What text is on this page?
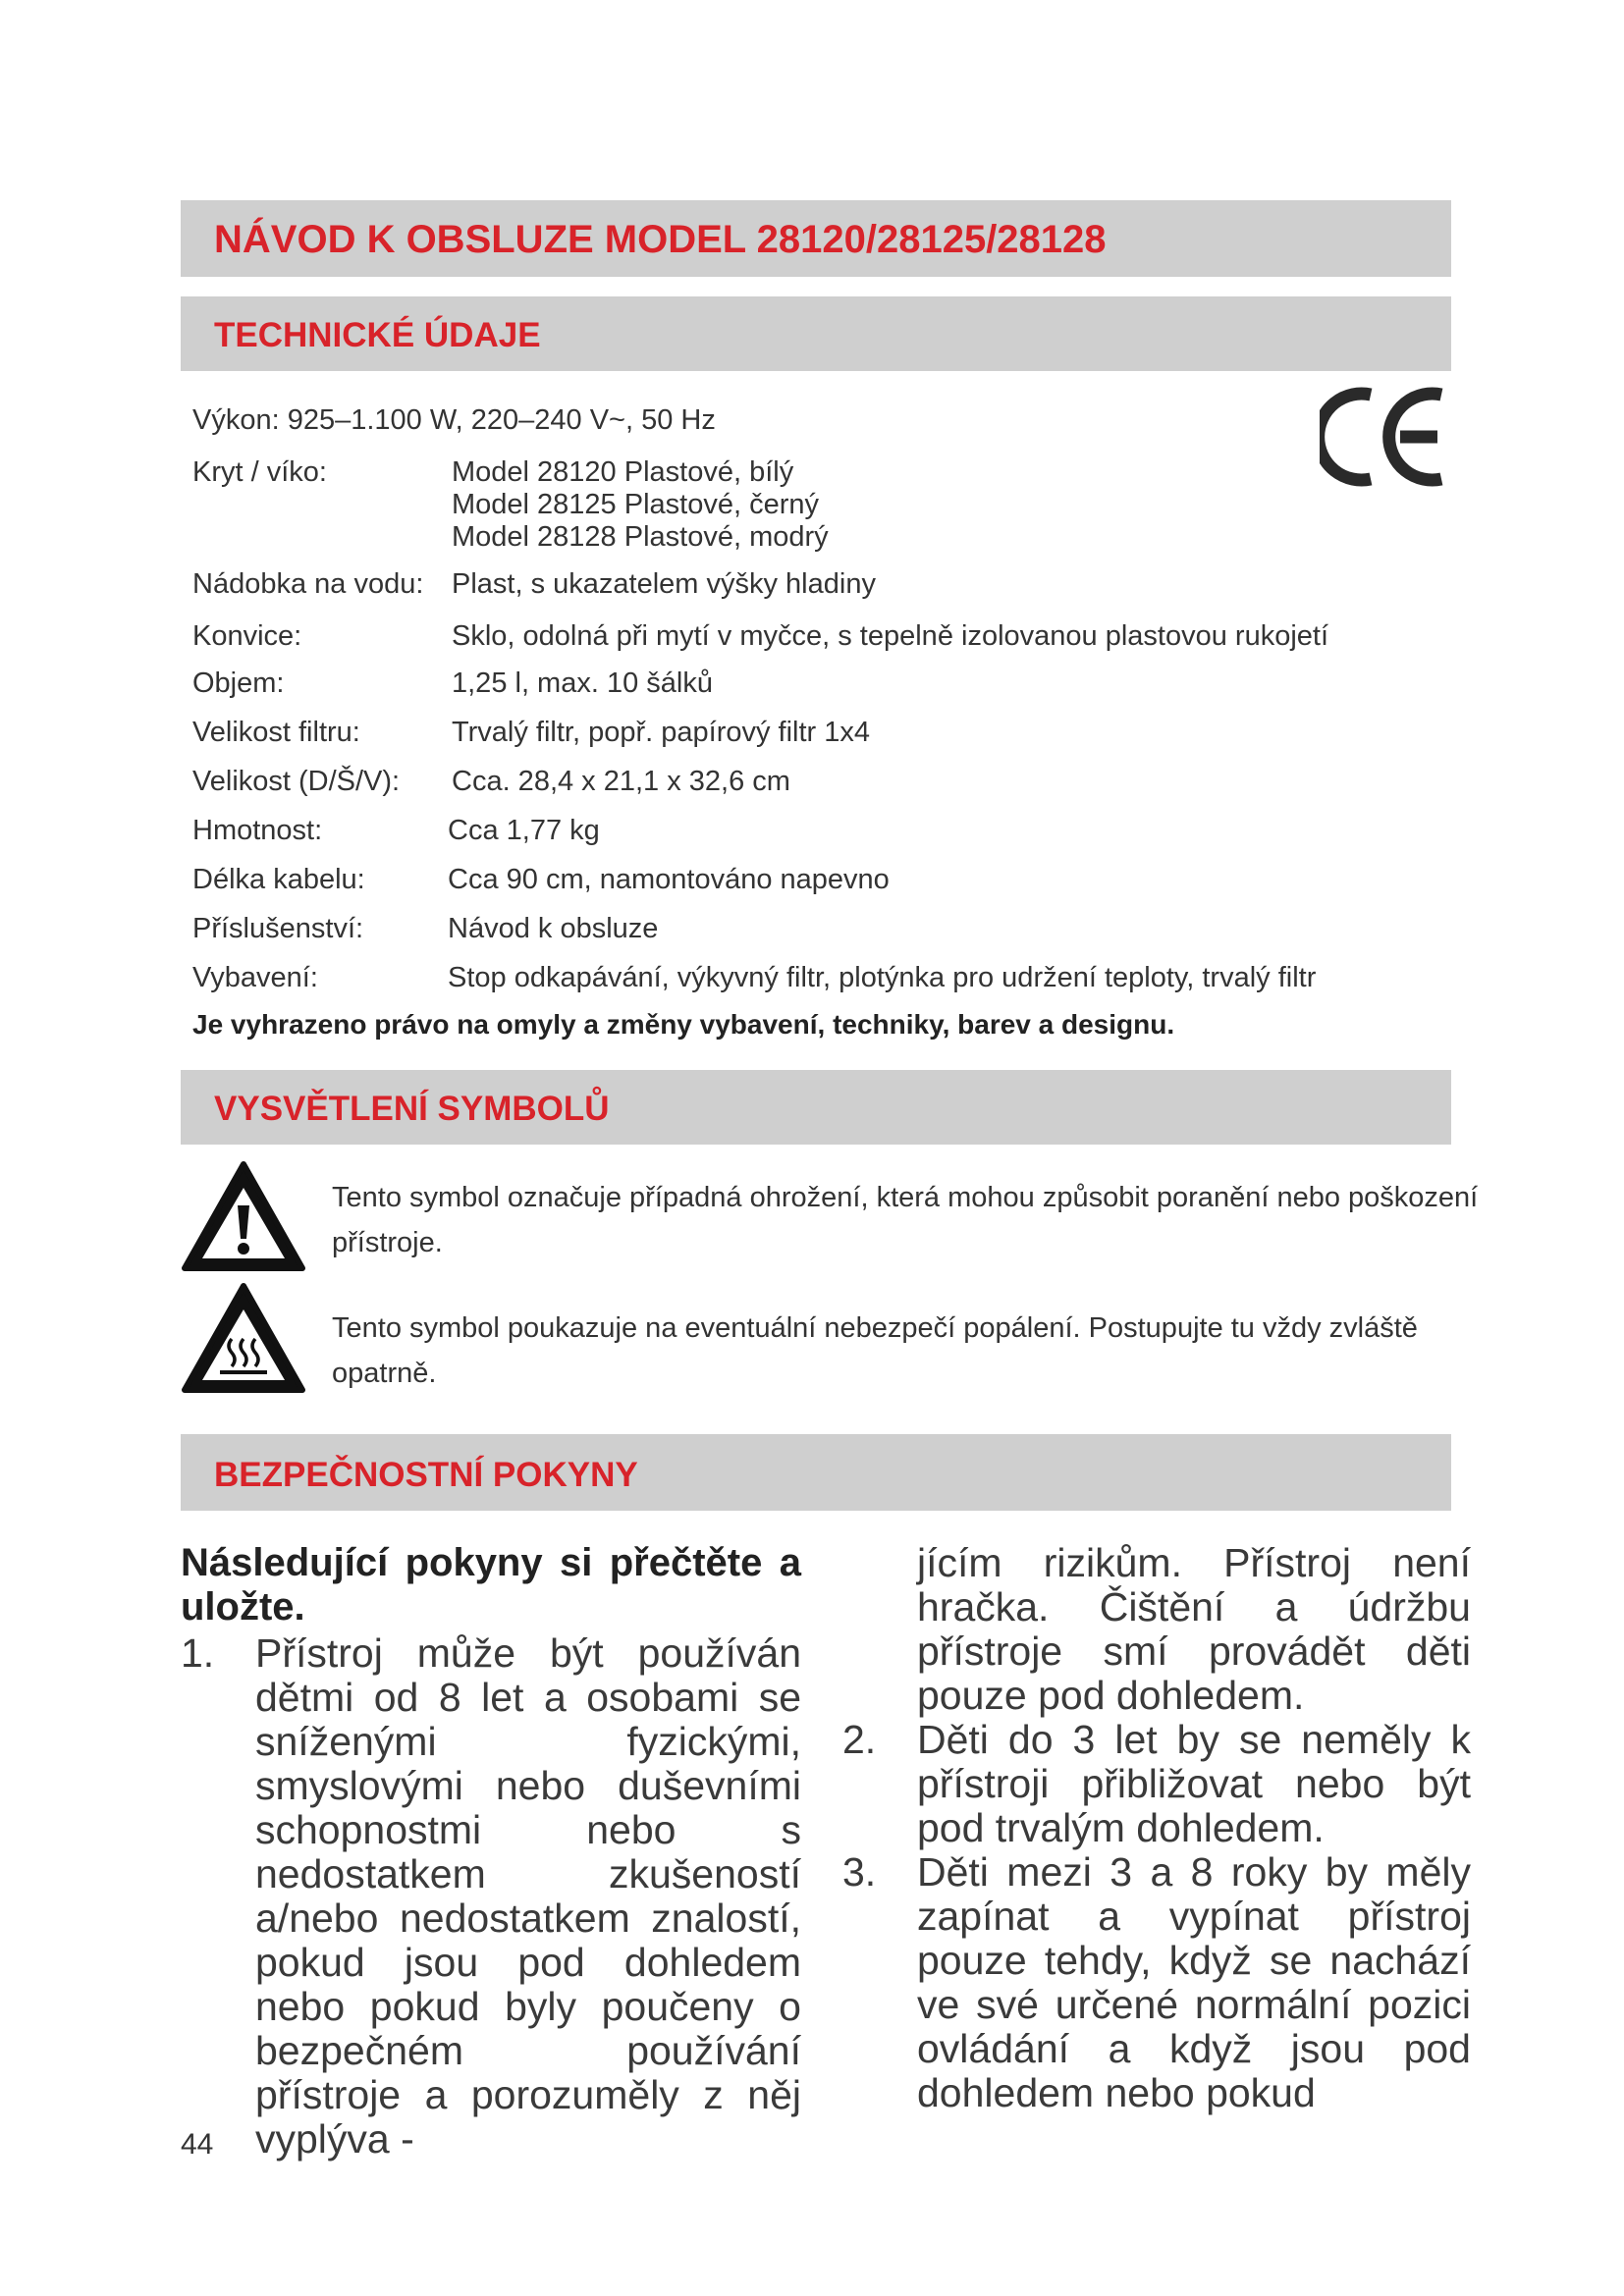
NÁVOD K OBSLUZE MODEL 28120/28125/28128
TECHNICKÉ ÚDAJE
Výkon: 925–1.100 W, 220–240 V~, 50 Hz
Kryt / víko:	Model 28120 Plastové, bílý
Model 28125 Plastové, černý
Model 28128 Plastové, modrý
Nádobka na vodu: Plast, s ukazatelem výšky hladiny
Konvice:	Sklo, odolná při mytí v myčce, s tepelně izolovanou plastovou rukojetí
Objem:	1,25 l, max. 10 šálků
Velikost filtru:	Trvalý filtr, popř. papírový filtr 1x4
Velikost (D/Š/V): Cca. 28,4 x 21,1 x 32,6 cm
Hmotnost:	Cca 1,77 kg
Délka kabelu:	Cca 90 cm, namontováno napevno
Příslušenství:	Návod k obsluze
Vybavení:	Stop odkapávání, výkyvný filtr, plotýnka pro udržení teploty, trvalý filtr
Je vyhrazeno právo na omyly a změny vybavení, techniky, barev a designu.
VYSVĚTLENÍ SYMBOLŮ
Tento symbol označuje případná ohrožení, která mohou způsobit poranění nebo poškození přístroje.
Tento symbol poukazuje na eventuální nebezpečí popálení. Postupujte tu vždy zvláště opatrně.
BEZPEČNOSTNÍ POKYNY
Následující pokyny si přečtěte a uložte.
1. Přístroj může být používán dětmi od 8 let a osobami se sníženými fyzickými, smyslovými nebo duševními schopnostmi nebo s nedostatkem zkušeností a/nebo nedostatkem znalostí, pokud jsou pod dohledem nebo pokud byly poučeny o bezpečném používání přístroje a porozuměly z něj vyplýva -
jícím rizikům. Přístroj není hračka. Čištění a údržbu přístroje smí provádět děti pouze pod dohledem.
2. Děti do 3 let by se neměly k přístroji přibližovat nebo být pod trvalým dohledem.
3. Děti mezi 3 a 8 roky by měly zapínat a vypínat přístroj pouze tehdy, když se nachází ve své určené normální pozici ovládání a když jsou pod dohledem nebo pokud
44
